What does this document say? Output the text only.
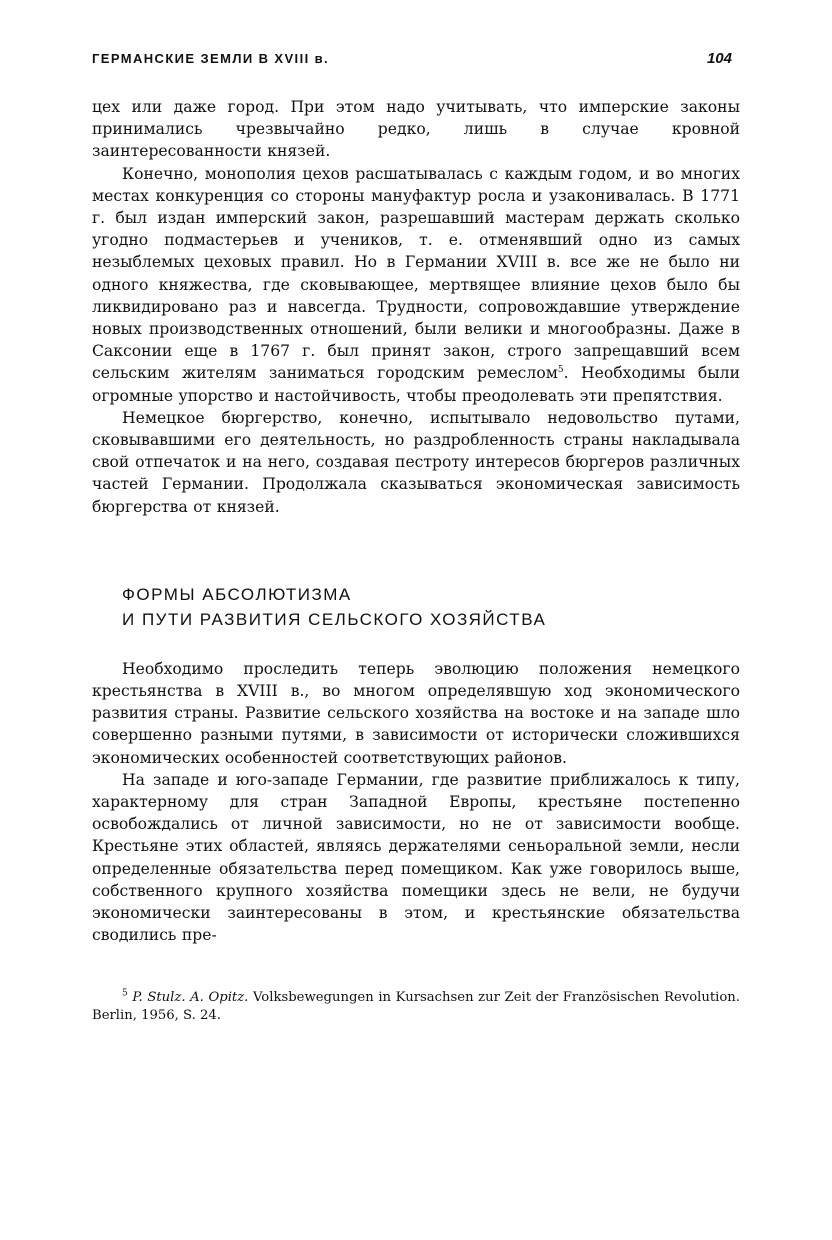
ГЕРМАНСКИЕ ЗЕМЛИ В XVIII в.	104

цех или даже город. При этом надо учитывать, что имперские законы принимались чрезвычайно редко, лишь в случае кровной заинтересованности князей.

Конечно, монополия цехов расшатывалась с каждым годом, и во многих местах конкуренция со стороны мануфактур росла и узаконивалась. В 1771 г. был издан имперский закон, разрешавший мастерам держать сколько угодно подмастерьев и учеников, т. е. отменявший одно из самых незыблемых цеховых правил. Но в Германии XVIII в. все же не было ни одного княжества, где сковывающее, мертвящее влияние цехов было бы ликвидировано раз и навсегда. Трудности, сопровождавшие утверждение новых производственных отношений, были велики и многообразны. Даже в Саксонии еще в 1767 г. был принят закон, строго запрещавший всем сельским жителям заниматься городским ремеслом$^5$. Необходимы были огромные упорство и настойчивость, чтобы преодолевать эти препятствия.

Немецкое бюргерство, конечно, испытывало недовольство путами, сковывавшими его деятельность, но раздробленность страны накладывала свой отпечаток и на него, создавая пестроту интересов бюргеров различных частей Германии. Продолжала сказываться экономическая зависимость бюргерства от князей.

ФОРМЫ АБСОЛЮТИЗМА
И ПУТИ РАЗВИТИЯ СЕЛЬСКОГО ХОЗЯЙСТВА

Необходимо проследить теперь эволюцию положения немецкого крестьянства в XVIII в., во многом определявшую ход экономического развития страны. Развитие сельского хозяйства на востоке и на западе шло совершенно разными путями, в зависимости от исторически сложившихся экономических особенностей соответствующих районов.

На западе и юго-западе Германии, где развитие приближалось к типу, характерному для стран Западной Европы, крестьяне постепенно освобождались от личной зависимости, но не от зависимости вообще. Крестьяне этих областей, являясь держателями сеньоральной земли, несли определенные обязательства перед помещиком. Как уже говорилось выше, собственного крупного хозяйства помещики здесь не вели, не будучи экономически заинтересованы в этом, и крестьянские обязательства сводились пре-

$^5$ P. Stulz. A. Opitz. Volksbewegungen in Kursachsen zur Zeit der Französischen Revolution. Berlin, 1956, S. 24.
